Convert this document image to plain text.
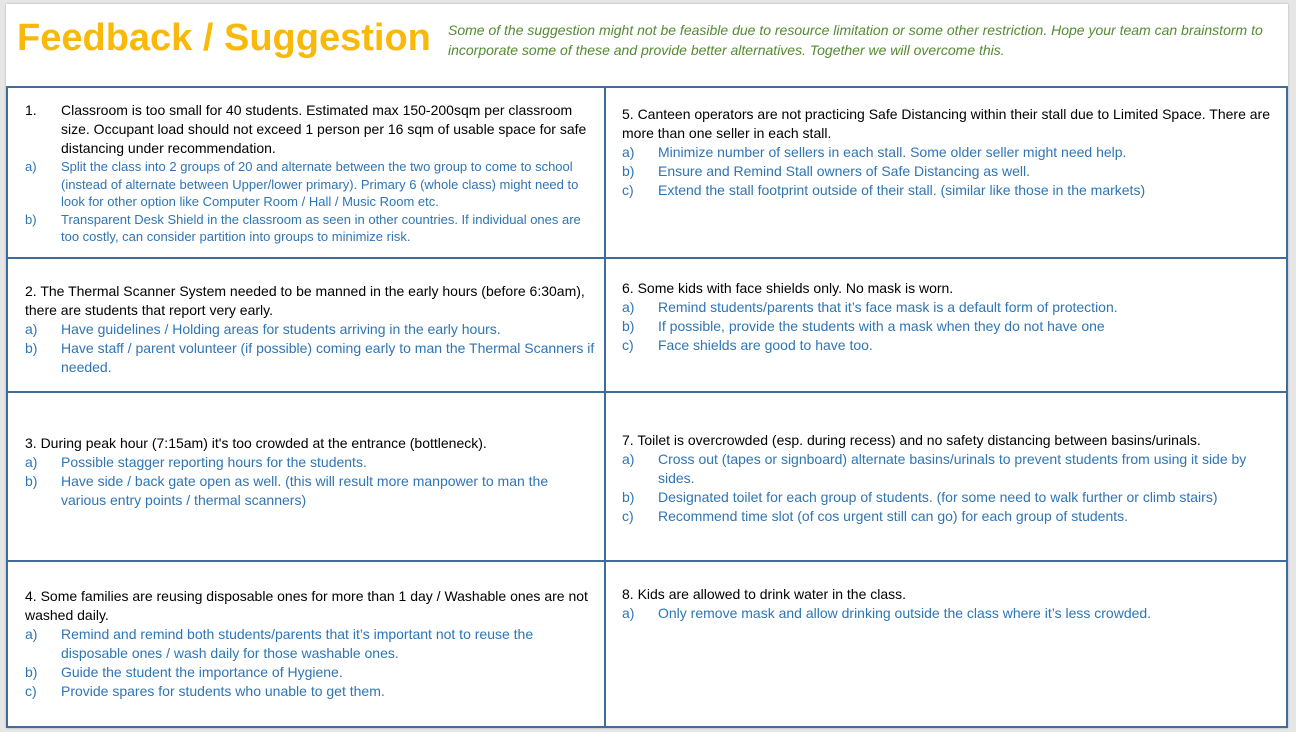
Feedback / Suggestion Some of the suggestion might not be feasible due to resource limitation or some other restriction. Hope your team can brainstorm to incorporate some of these and provide better alternatives. Together we will overcome this.
1.	Classroom is too small for 40 students. Estimated max 150-200sqm per classroom size. Occupant load should not exceed 1 person per 16 sqm of usable space for safe distancing under recommendation.
a)	Split the class into 2 groups of 20 and alternate between the two group to come to school (instead of alternate between Upper/lower primary). Primary 6 (whole class) might need to look for other option like Computer Room / Hall / Music Room etc.
b)	Transparent Desk Shield in the classroom as seen in other countries. If individual ones are too costly, can consider partition into groups to minimize risk.
5. Canteen operators are not practicing Safe Distancing within their stall due to Limited Space. There are more than one seller in each stall.
a)	Minimize number of sellers in each stall. Some older seller might need help.
b)	Ensure and Remind Stall owners of Safe Distancing as well.
c)	Extend the stall footprint outside of their stall. (similar like those in the markets)
2. The Thermal Scanner System needed to be manned in the early hours (before 6:30am), there are students that report very early.
a)	Have guidelines / Holding areas for students arriving in the early hours.
b)	Have staff / parent volunteer (if possible) coming early to man the Thermal Scanners if needed.
6. Some kids with face shields only. No mask is worn.
a)	Remind students/parents that it’s face mask is a default form of protection.
b)	If possible, provide the students with a mask when they do not have one
c)	Face shields are good to have too.
3. During peak hour (7:15am) it's too crowded at the entrance (bottleneck).
a)	Possible stagger reporting hours for the students.
b)	Have side / back gate open as well. (this will result more manpower to man the various entry points / thermal scanners)
7. Toilet is overcrowded (esp. during recess) and no safety distancing between basins/urinals.
a)	Cross out (tapes or signboard) alternate basins/urinals to prevent students from using it side by sides.
b)	Designated toilet for each group of students. (for some need to walk further or climb stairs)
c)	Recommend time slot (of cos urgent still can go) for each group of students.
4. Some families are reusing disposable ones for more than 1 day / Washable ones are not washed daily.
a)	Remind and remind both students/parents that it’s important not to reuse the disposable ones / wash daily for those washable ones.
b)	Guide the student the importance of Hygiene.
c)	Provide spares for students who unable to get them.
8. Kids are allowed to drink water in the class.
a)	Only remove mask and allow drinking outside the class where it’s less crowded.
